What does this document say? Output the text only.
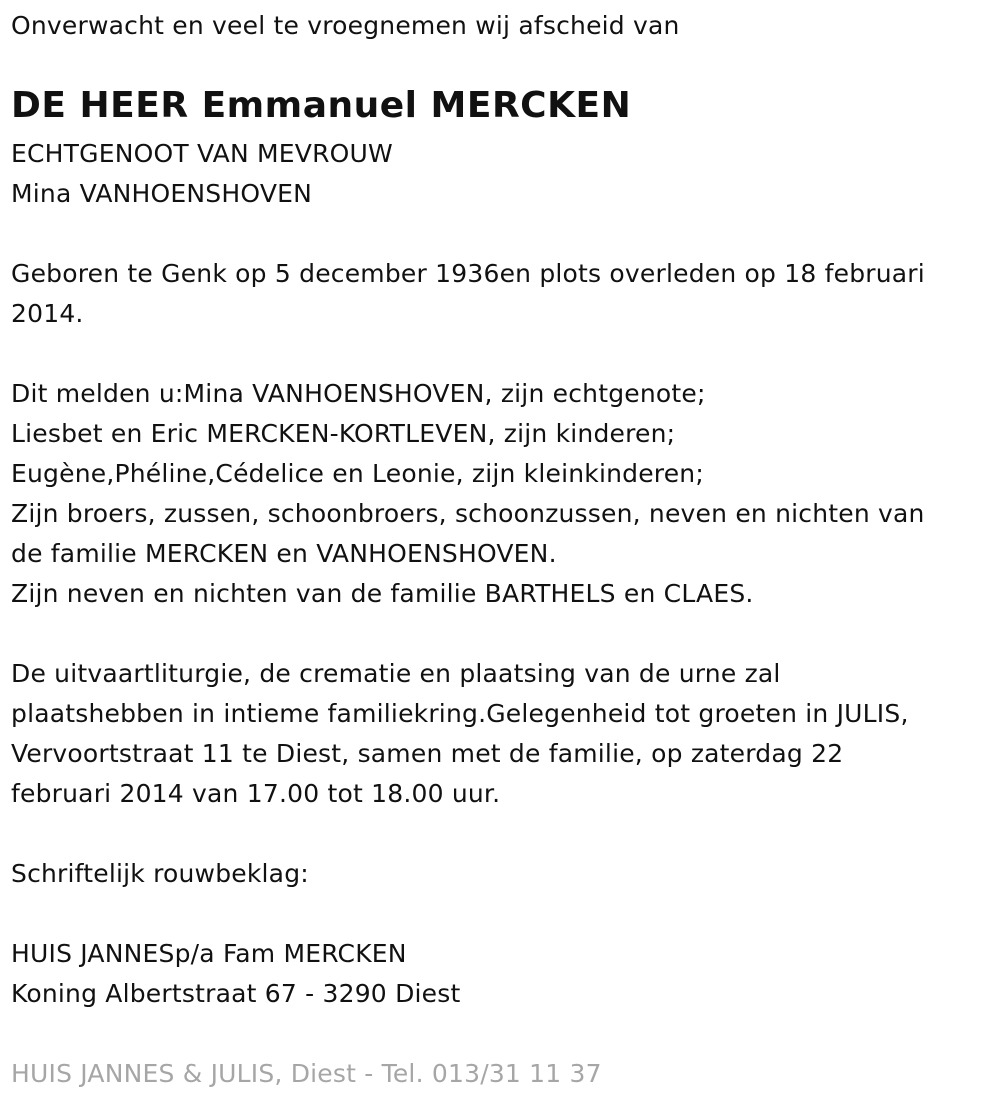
Onverwacht en veel te vroegnemen wij afscheid van
DE HEER Emmanuel MERCKEN
ECHTGENOOT VAN MEVROUW
Mina VANHOENSHOVEN
Geboren te Genk op 5 december 1936en plots overleden op 18 februari
2014.
Dit melden u:Mina VANHOENSHOVEN, zijn echtgenote;
Liesbet en Eric MERCKEN-KORTLEVEN, zijn kinderen;
Eugène,Phéline,Cédelice en Leonie, zijn kleinkinderen;
Zijn broers, zussen, schoonbroers, schoonzussen, neven en nichten van
de familie MERCKEN en VANHOENSHOVEN.
Zijn neven en nichten van de familie BARTHELS en CLAES.
De uitvaartliturgie, de crematie en plaatsing van de urne zal
plaatshebben in intieme familiekring.Gelegenheid tot groeten in JULIS,
Vervoortstraat 11 te Diest, samen met de familie, op zaterdag 22
februari 2014 van 17.00 tot 18.00 uur.
Schriftelijk rouwbeklag:
HUIS JANNESp/a Fam MERCKEN
Koning Albertstraat 67 - 3290 Diest
HUIS JANNES & JULIS, Diest - Tel. 013/31 11 37
